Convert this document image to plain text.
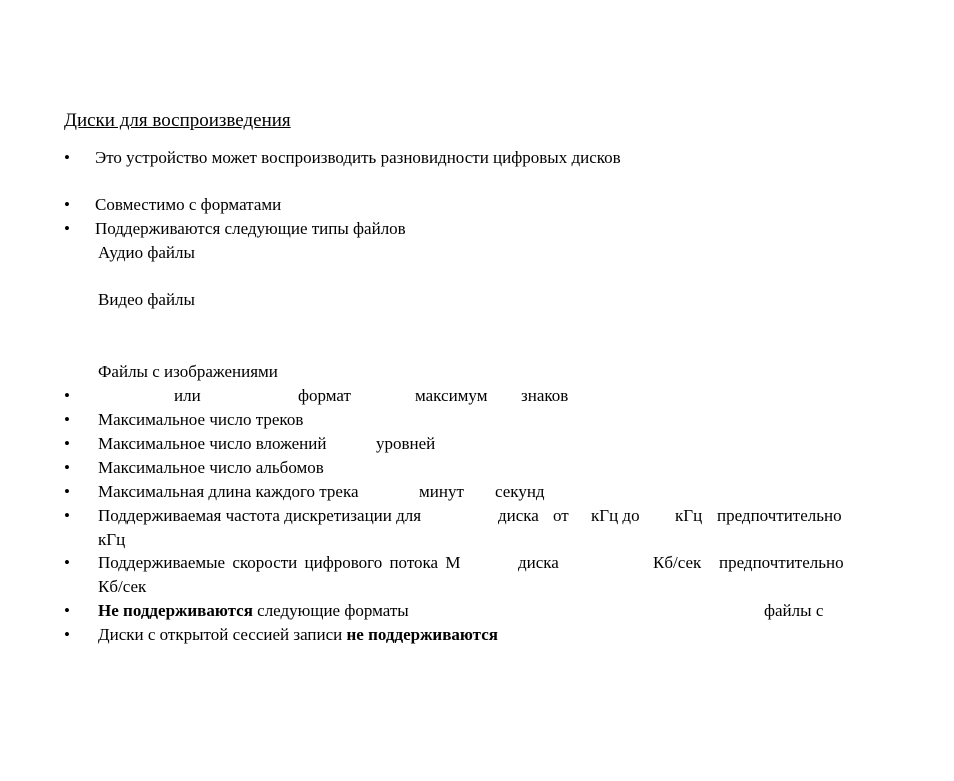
Диски для воспроизведения
• Это устройство может воспроизводить разновидности цифровых дисков
• Совместимо с форматами
• Поддерживаются следующие типы файлов
Аудио файлы
Видео файлы
Файлы с изображениями
•	или	формат	максимум знаков
• Максимальное число треков
• Максимальное число вложений	уровней
• Максимальное число альбомов
• Максимальная длина каждого трека	минут секунд
• Поддерживаемая частота дискретизации для	диска от кГц до кГц предпочтительно
кГц
• Поддерживаемые скорости цифрового потока М	диска	Кб/сек предпочтительно
Кб/сек
• Не поддерживаются следующие форматы	файлы с
• Диски с открытой сессией записи не поддерживаются
